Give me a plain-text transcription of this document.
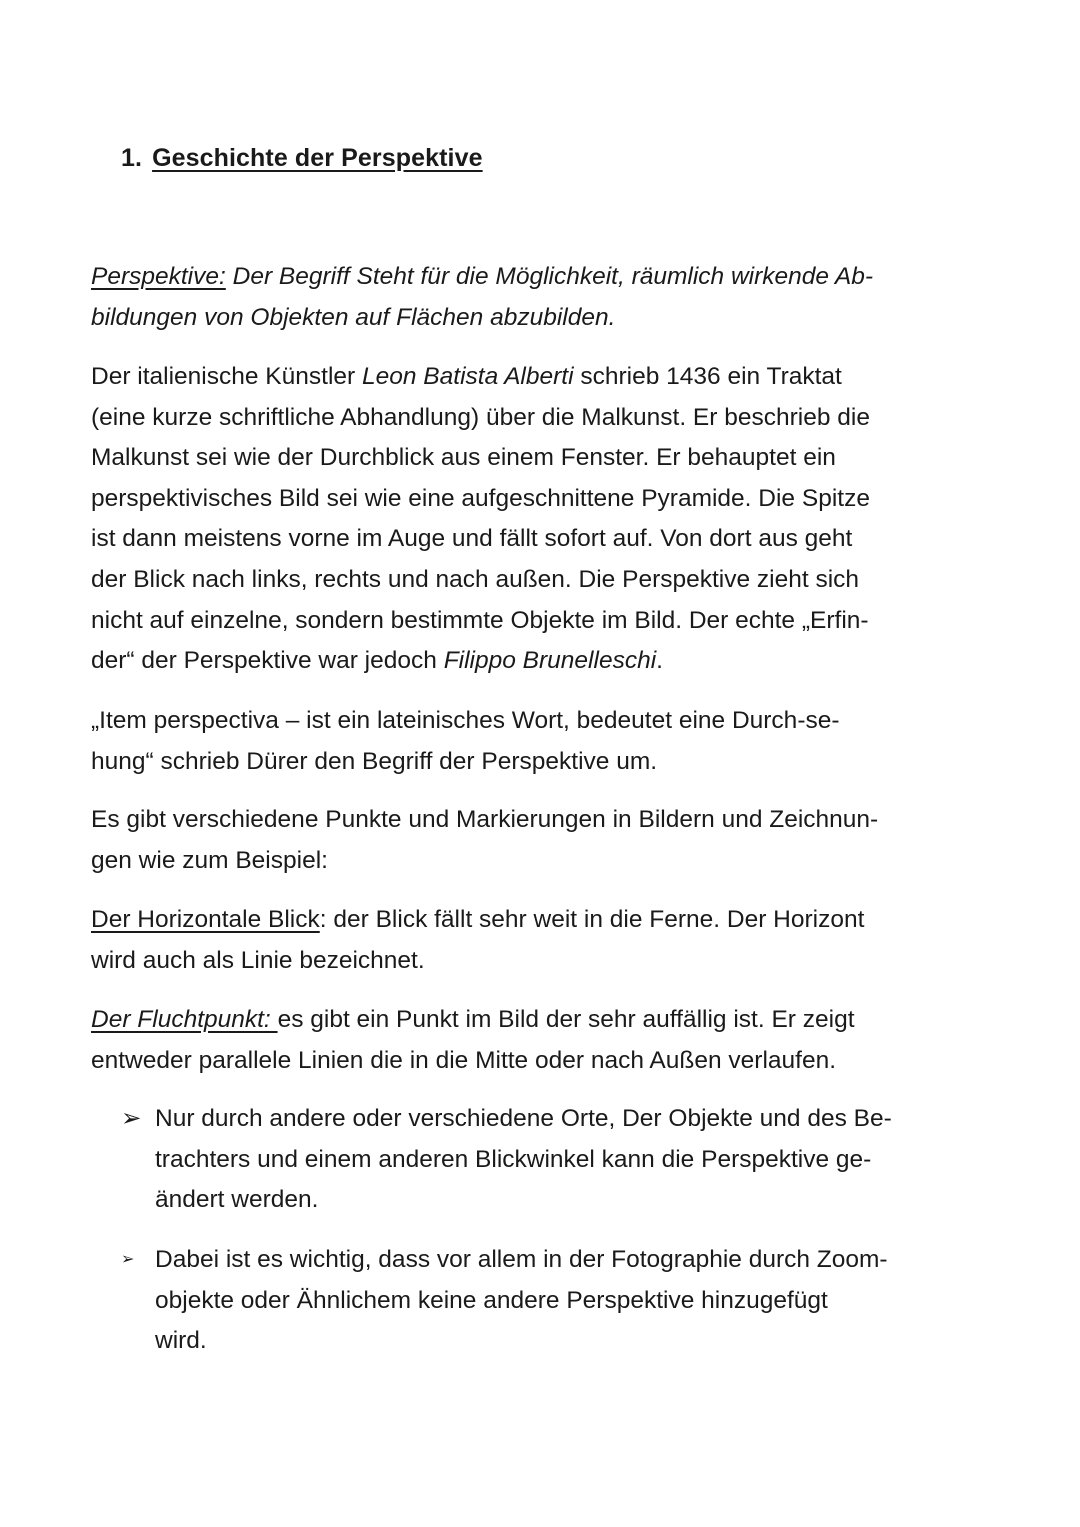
1. Geschichte der Perspektive

Perspektive: Der Begriff Steht für die Möglichkeit, räumlich wirkende Ab-
bildungen von Objekten auf Flächen abzubilden.

Der italienische Künstler Leon Batista Alberti schrieb 1436 ein Traktat
(eine kurze schriftliche Abhandlung) über die Malkunst. Er beschrieb die
Malkunst sei wie der Durchblick aus einem Fenster. Er behauptet ein
perspektivisches Bild sei wie eine aufgeschnittene Pyramide. Die Spitze
ist dann meistens vorne im Auge und fällt sofort auf. Von dort aus geht
der Blick nach links, rechts und nach außen. Die Perspektive zieht sich
nicht auf einzelne, sondern bestimmte Objekte im Bild. Der echte „Erfin-
der“ der Perspektive war jedoch Filippo Brunelleschi.

„Item perspectiva – ist ein lateinisches Wort, bedeutet eine Durch-se-
hung“ schrieb Dürer den Begriff der Perspektive um.

Es gibt verschiedene Punkte und Markierungen in Bildern und Zeichnun-
gen wie zum Beispiel:

Der Horizontale Blick: der Blick fällt sehr weit in die Ferne. Der Horizont
wird auch als Linie bezeichnet.

Der Fluchtpunkt: es gibt ein Punkt im Bild der sehr auffällig ist. Er zeigt
entweder parallele Linien die in die Mitte oder nach Außen verlaufen.

➢ Nur durch andere oder verschiedene Orte, Der Objekte und des Be-
trachters und einem anderen Blickwinkel kann die Perspektive ge-
ändert werden.
➢ Dabei ist es wichtig, dass vor allem in der Fotographie durch Zoom-
objekte oder Ähnlichem keine andere Perspektive hinzugefügt
wird.
